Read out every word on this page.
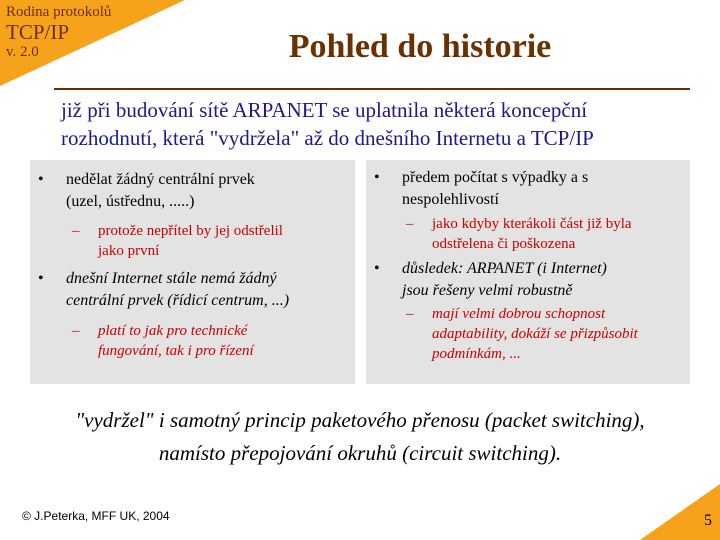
Rodina protokolů
TCP/IP
v. 2.0	Pohled do historie
již při budování sítě ARPANET se uplatnila některá koncepční
rozhodnutí, která "vydržela" až do dnešního Internetu a TCP/IP
• nedělat žádný centrální prvek
(uzel, ústřednu, .....)
– protože nepřítel by jej odstřelil
jako první
• dnešní Internet stále nemá žádný
centrální prvek (řídicí centrum, ...)
– platí to jak pro technické
fungování, tak i pro řízení
• předem počítat s výpadky a s
nespolehlivostí
– jako kdyby kterákoli část již byla
odstřelena či poškozena
• důsledek: ARPANET (i Internet)
jsou řešeny velmi robustně
– mají velmi dobrou schopnost
adaptability, dokáží se přizpůsobit
podmínkám, ...
"vydržel" i samotný princip paketového přenosu (packet switching),
namísto přepojování okruhů (circuit switching).
© J.Peterka, MFF UK, 2004	5
